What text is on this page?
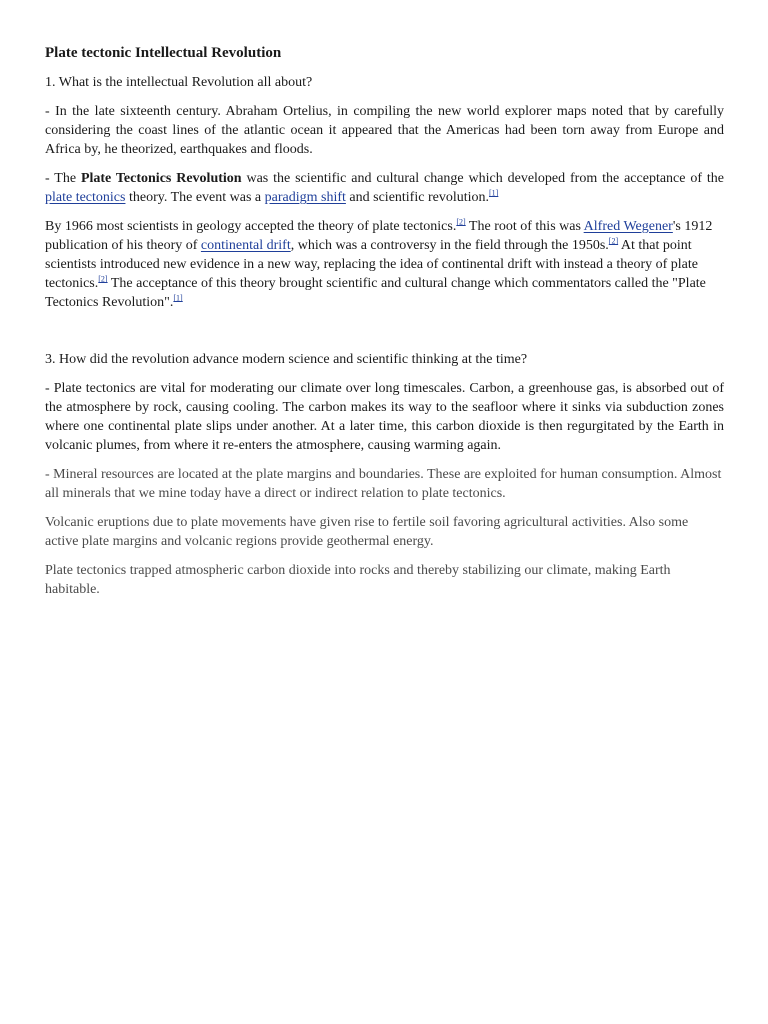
Plate tectonic Intellectual Revolution
1. What is the intellectual Revolution all about?
- In the late sixteenth century. Abraham Ortelius, in compiling the new world explorer maps noted that by carefully considering the coast lines of the atlantic ocean it appeared that the Americas had been torn away from Europe and Africa by, he theorized, earthquakes and floods.
- The Plate Tectonics Revolution was the scientific and cultural change which developed from the acceptance of the plate tectonics theory. The event was a paradigm shift and scientific revolution.[1]
By 1966 most scientists in geology accepted the theory of plate tectonics.[2] The root of this was Alfred Wegener's 1912 publication of his theory of continental drift, which was a controversy in the field through the 1950s.[2] At that point scientists introduced new evidence in a new way, replacing the idea of continental drift with instead a theory of plate tectonics.[2] The acceptance of this theory brought scientific and cultural change which commentators called the "Plate Tectonics Revolution".[1]
3. How did the revolution advance modern science and scientific thinking at the time?
- Plate tectonics are vital for moderating our climate over long timescales. Carbon, a greenhouse gas, is absorbed out of the atmosphere by rock, causing cooling. The carbon makes its way to the seafloor where it sinks via subduction zones where one continental plate slips under another. At a later time, this carbon dioxide is then regurgitated by the Earth in volcanic plumes, from where it re-enters the atmosphere, causing warming again.
- Mineral resources are located at the plate margins and boundaries. These are exploited for human consumption. Almost all minerals that we mine today have a direct or indirect relation to plate tectonics.
Volcanic eruptions due to plate movements have given rise to fertile soil favoring agricultural activities. Also some active plate margins and volcanic regions provide geothermal energy.
Plate tectonics trapped atmospheric carbon dioxide into rocks and thereby stabilizing our climate, making Earth habitable.
